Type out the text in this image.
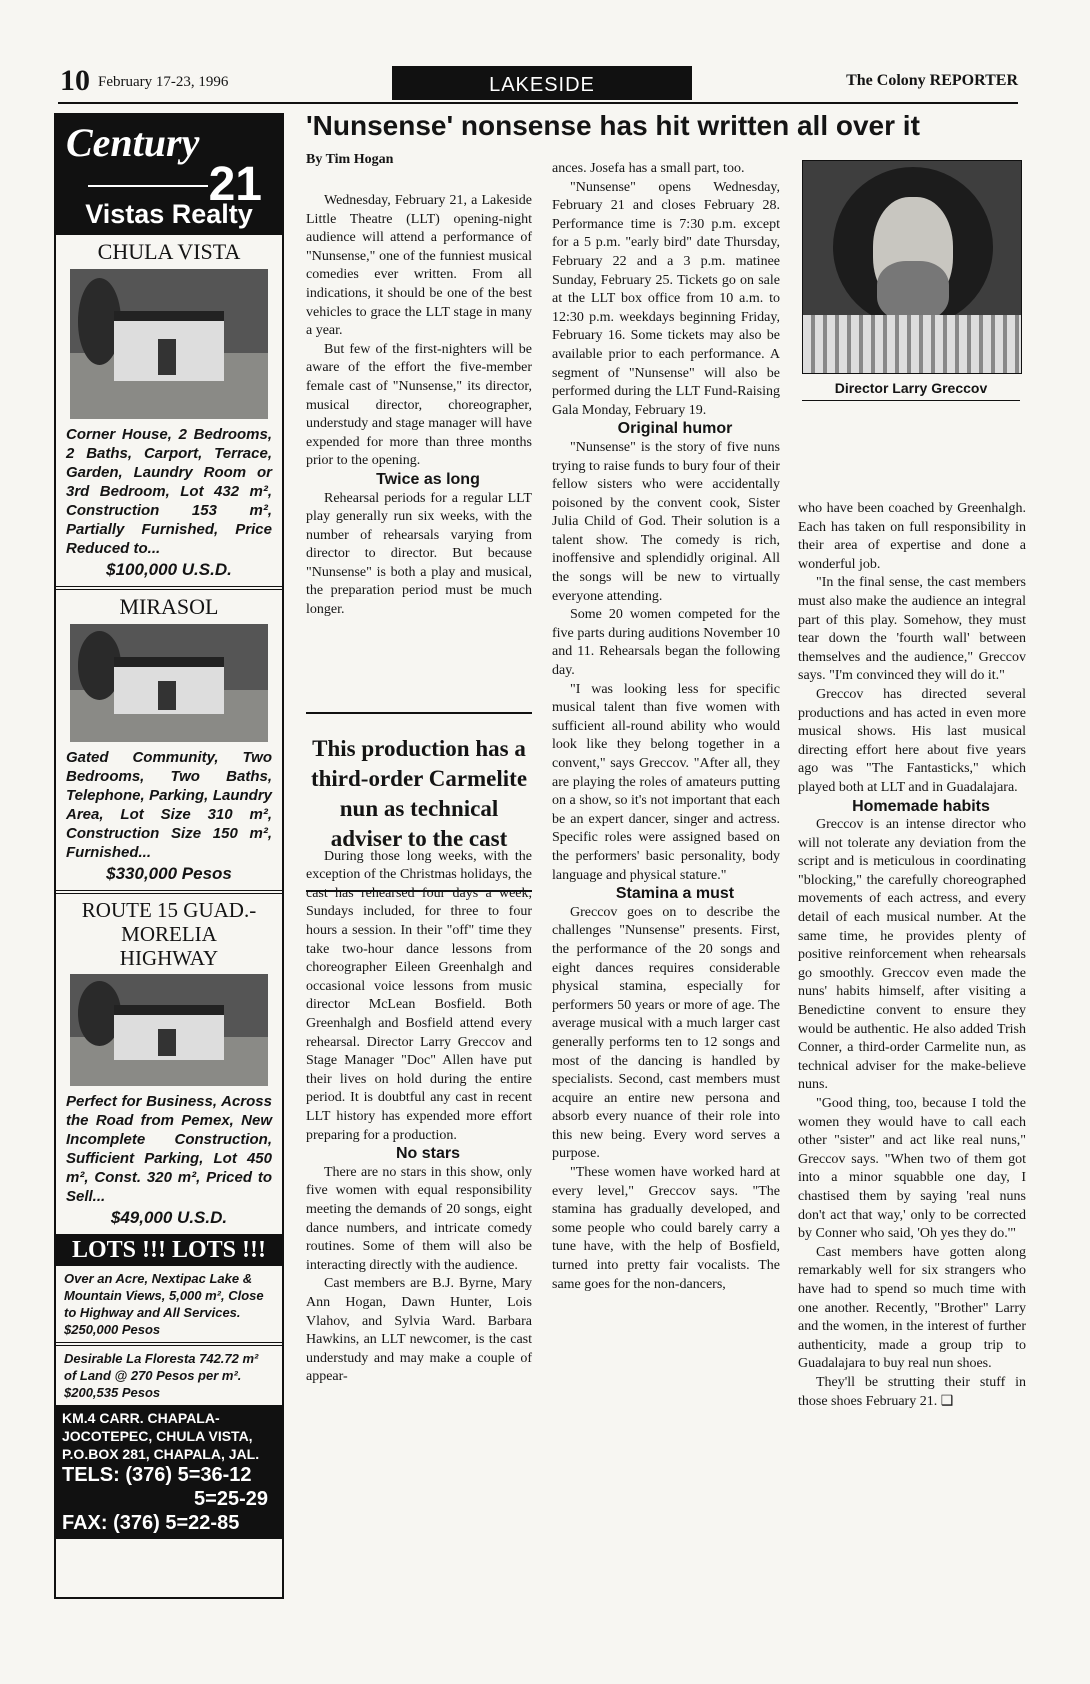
10 February 17-23, 1996	LAKESIDE	The Colony REPORTER
'Nunsense' nonsense has hit written all over it
By Tim Hogan
Century
21
Vistas Realty
CHULA VISTA
Corner House, 2 Bedrooms, 2 Baths, Carport, Terrace, Garden, Laundry Room or 3rd Bedroom, Lot 432 m², Construction 153 m², Partially Furnished, Price Reduced to...
$100,000 U.S.D.
MIRASOL
Gated Community, Two Bedrooms, Two Baths, Telephone, Parking, Laundry Area, Lot Size 310 m², Construction Size 150 m², Furnished...
$330,000 Pesos
ROUTE 15 GUAD.- MORELIA HIGHWAY
Perfect for Business, Across the Road from Pemex, New Incomplete Construction, Sufficient Parking, Lot 450 m², Const. 320 m², Priced to Sell...
$49,000 U.S.D.
LOTS !!! LOTS !!!
Over an Acre, Nextipac Lake & Mountain Views, 5,000 m², Close to Highway and All Services. $250,000 Pesos
Desirable La Floresta 742.72 m² of Land @ 270 Pesos per m². $200,535 Pesos
KM.4 CARR. CHAPALA-JOCOTEPEC, CHULA VISTA, P.O.BOX 281, CHAPALA, JAL.
TELS: (376) 5=36-12
5=25-29
FAX: (376) 5=22-85

Wednesday, February 21, a Lakeside Little Theatre (LLT) opening-night audience will attend a performance of "Nunsense," one of the funniest musical comedies ever written. From all indications, it should be one of the best vehicles to grace the LLT stage in many a year.

But few of the first-nighters will be aware of the effort the five-member female cast of "Nunsense," its director, musical director, choreographer, understudy and stage manager will have expended for more than three months prior to the opening.

Twice as long

Rehearsal periods for a regular LLT play generally run six weeks, with the number of rehearsals varying from director to director. But because "Nunsense" is both a play and musical, the preparation period must be much longer.

During those long weeks, with the exception of the Christmas holidays, the cast has rehearsed four days a week, Sundays included, for three to four hours a session. In their "off" time they take two-hour dance lessons from choreographer Eileen Greenhalgh and occasional voice lessons from music director McLean Bosfield. Both Greenhalgh and Bosfield attend every rehearsal. Director Larry Greccov and Stage Manager "Doc" Allen have put their lives on hold during the entire period. It is doubtful any cast in recent LLT history has expended more effort preparing for a production.

No stars

There are no stars in this show, only five women with equal responsibility meeting the demands of 20 songs, eight dance numbers, and intricate comedy routines. Some of them will also be interacting directly with the audience.

Cast members are B.J. Byrne, Mary Ann Hogan, Dawn Hunter, Lois Vlahov, and Sylvia Ward. Barbara Hawkins, an LLT newcomer, is the cast understudy and may make a couple of appear-

This production has a third-order Carmelite nun as technical adviser to the cast

ances. Josefa has a small part, too.

"Nunsense" opens Wednesday, February 21 and closes February 28. Performance time is 7:30 p.m. except for a 5 p.m. "early bird" date Thursday, February 22 and a 3 p.m. matinee Sunday, February 25. Tickets go on sale at the LLT box office from 10 a.m. to 12:30 p.m. weekdays beginning Friday, February 16. Some tickets may also be available prior to each performance. A segment of "Nunsense" will also be performed during the LLT Fund-Raising Gala Monday, February 19.

Original humor

"Nunsense" is the story of five nuns trying to raise funds to bury four of their fellow sisters who were accidentally poisoned by the convent cook, Sister Julia Child of God. Their solution is a talent show. The comedy is rich, inoffensive and splendidly original. All the songs will be new to virtually everyone attending.

Some 20 women competed for the five parts during auditions November 10 and 11. Rehearsals began the following day.

"I was looking less for specific musical talent than five women with sufficient all-round ability who would look like they belong together in a convent," says Greccov. "After all, they are playing the roles of amateurs putting on a show, so it's not important that each be an expert dancer, singer and actress. Specific roles were assigned based on the performers' basic personality, body language and physical stature."

Stamina a must

Greccov goes on to describe the challenges "Nunsense" presents. First, the performance of the 20 songs and eight dances requires considerable physical stamina, especially for performers 50 years or more of age. The average musical with a much larger cast generally performs ten to 12 songs and most of the dancing is handled by specialists. Second, cast members must acquire an entire new persona and absorb every nuance of their role into this new being. Every word serves a purpose.

"These women have worked hard at every level," Greccov says. "The stamina has gradually developed, and some people who could barely carry a tune have, with the help of Bosfield, turned into pretty fair vocalists. The same goes for the non-dancers,

Director Larry Greccov

who have been coached by Greenhalgh. Each has taken on full responsibility in their area of expertise and done a wonderful job.

"In the final sense, the cast members must also make the audience an integral part of this play. Somehow, they must tear down the 'fourth wall' between themselves and the audience," Greccov says. "I'm convinced they will do it."

Greccov has directed several productions and has acted in even more musical shows. His last musical directing effort here about five years ago was "The Fantasticks," which played both at LLT and in Guadalajara.

Homemade habits

Greccov is an intense director who will not tolerate any deviation from the script and is meticulous in coordinating "blocking," the carefully choreographed movements of each actress, and every detail of each musical number. At the same time, he provides plenty of positive reinforcement when rehearsals go smoothly. Greccov even made the nuns' habits himself, after visiting a Benedictine convent to ensure they would be authentic. He also added Trish Conner, a third-order Carmelite nun, as technical adviser for the make-believe nuns.

"Good thing, too, because I told the women they would have to call each other "sister" and act like real nuns," Greccov says. "When two of them got into a minor squabble one day, I chastised them by saying 'real nuns don't act that way,' only to be corrected by Conner who said, 'Oh yes they do.'"

Cast members have gotten along remarkably well for six strangers who have had to spend so much time with one another. Recently, "Brother" Larry and the women, in the interest of further authenticity, made a group trip to Guadalajara to buy real nun shoes.

They'll be strutting their stuff in those shoes February 21. ❑
